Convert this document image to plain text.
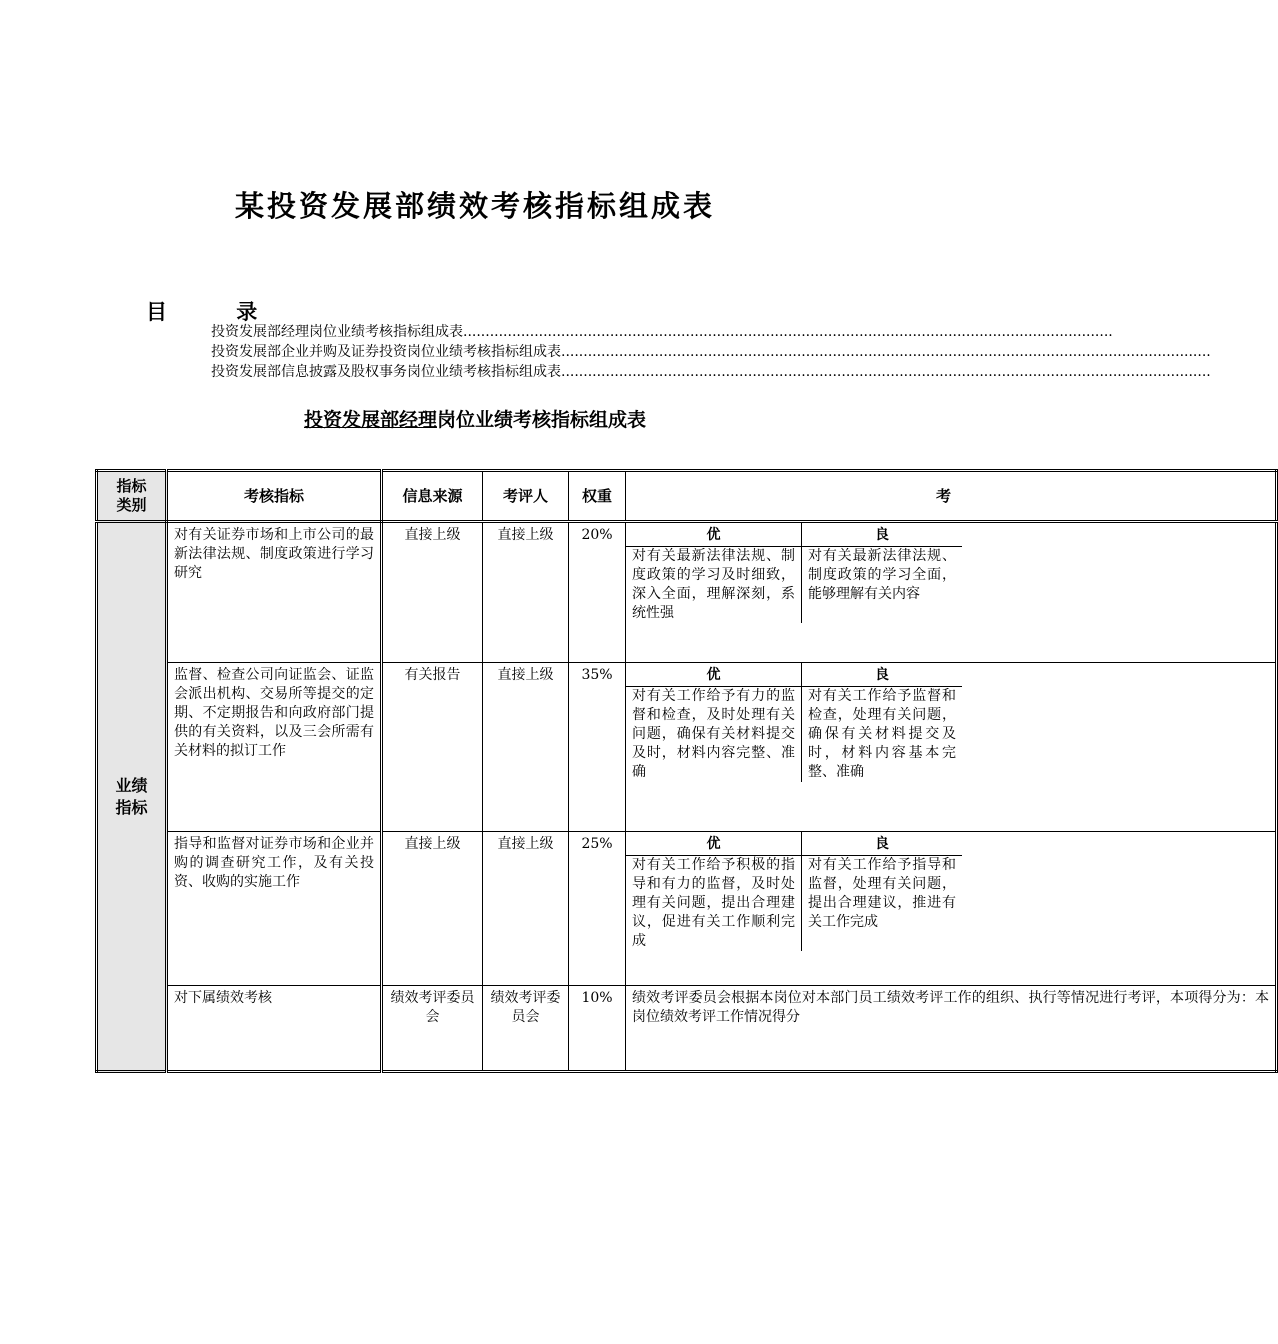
某投资发展部绩效考核指标组成表
目 录
投资发展部经理岗位业绩考核指标组成表..................................................................................................................................................
投资发展部企业并购及证券投资岗位业绩考核指标组成表..................................................................................................................................................
投资发展部信息披露及股权事务岗位业绩考核指标组成表..................................................................................................................................................
投资发展部经理岗位业绩考核指标组成表
指标类别	考核指标	信息来源	考评人	权重	考
业绩指标	对有关证券市场和上市公司的最新法律法规、制度政策进行学习研究	直接上级	直接上级	20%	优
对有关最新法律法规、制度政策的学习及时细致，深入全面，理解深刻，系统性强
良
对有关最新法律法规、制度政策的学习全面，能够理解有关内容

	监督、检查公司向证监会、证监会派出机构、交易所等提交的定期、不定期报告和向政府部门提供的有关资料，以及三会所需有关材料的拟订工作	有关报告	直接上级	35%	优
对有关工作给予有力的监督和检查，及时处理有关问题，确保有关材料提交及时，材料内容完整、准确
良
对有关工作给予监督和检查，处理有关问题，确保有关材料提交及时，材料内容基本完整、准确

	指导和监督对证券市场和企业并购的调查研究工作，及有关投资、收购的实施工作	直接上级	直接上级	25%	优
对有关工作给予积极的指导和有力的监督，及时处理有关问题，提出合理建议，促进有关工作顺利完成
良
对有关工作给予指导和监督，处理有关问题，提出合理建议，推进有关工作完成

	对下属绩效考核	绩效考评委员会	绩效考评委员会	10%	绩效考评委员会根据本岗位对本部门员工绩效考评工作的组织、执行等情况进行考评，本项得分为：本岗位绩效考评工作情况得分
